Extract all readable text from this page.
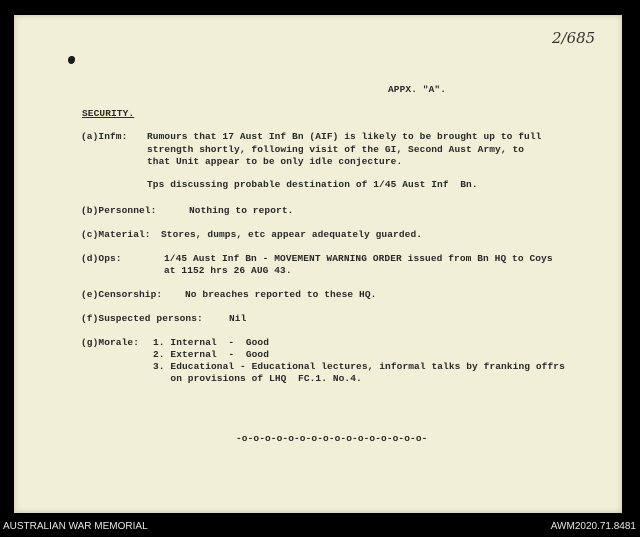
2/685
APPX. "A".
SECURITY.
(a)Infm: Rumours that 17 Aust Inf Bn (AIF) is likely to be brought up to full
strength shortly, following visit of the GI, Second Aust Army, to
that Unit appear to be only idle conjecture.
Tps discussing probable destination of 1/45 Aust Inf  Bn.
(b)Personnel:	Nothing to report.
(c)Material: Stores, dumps, etc appear adequately guarded.
(d)Ops:	1/45 Aust Inf Bn - MOVEMENT WARNING ORDER issued from Bn HQ to Coys
at 1152 hrs 26 AUG 43.
(e)Censorship: No breaches reported to these HQ.
(f)Suspected persons:	Nil
(g)Morale: 1. Internal  -  Good
2. External  -  Good
3. Educational - Educational lectures, informal talks by franking offrs
on provisions of LHQ  FC.1. No.4.
-o-o-o-o-o-o-o-o-o-o-o-o-o-o-o-o-
AUSTRALIAN WAR MEMORIAL	AWM2020.71.8481
